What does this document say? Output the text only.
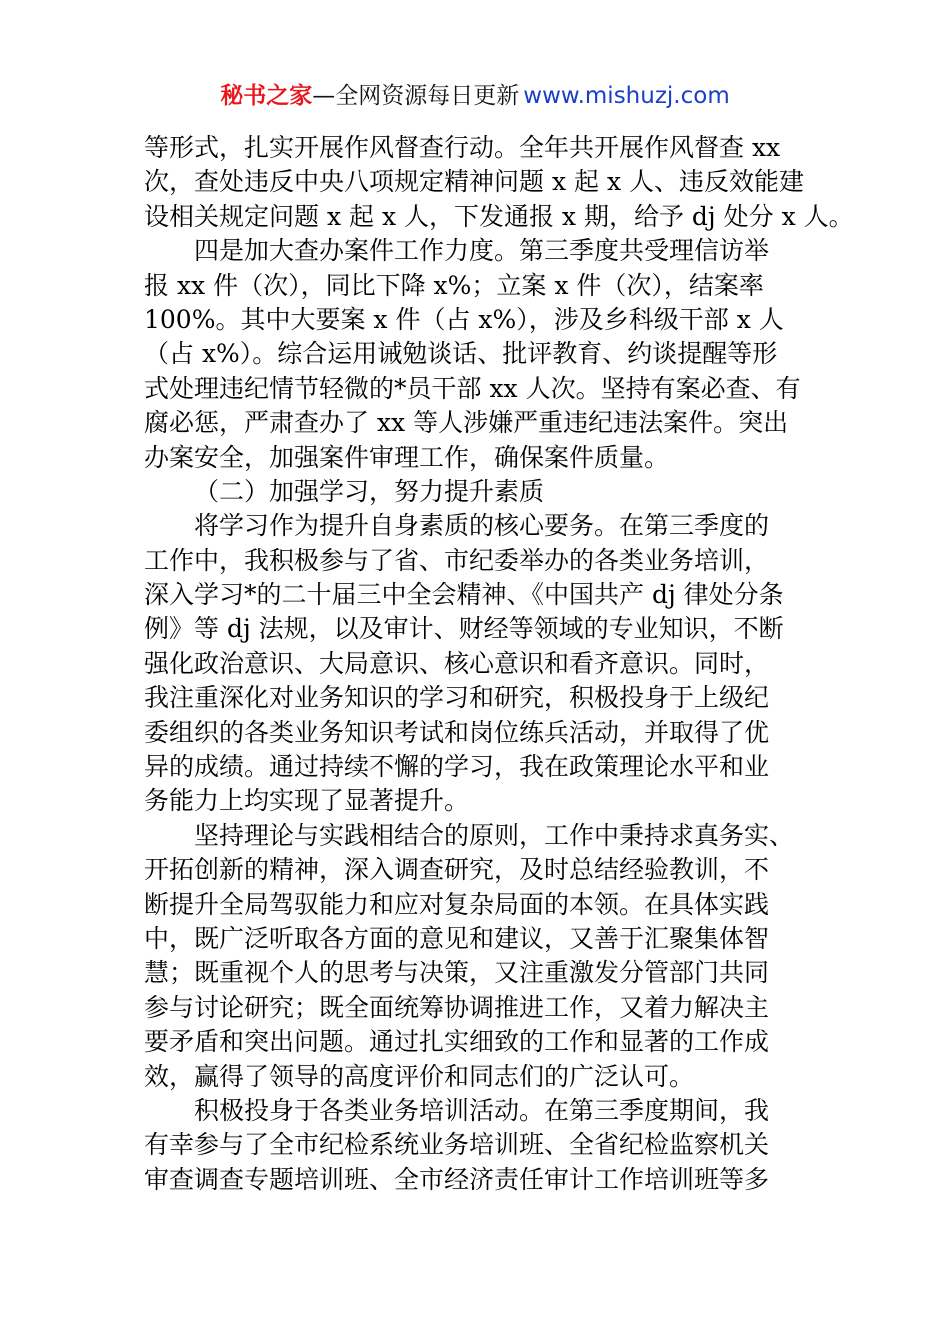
秘书之家—全网资源每日更新 www.mishuzj.com
等形式，扎实开展作风督查行动。全年共开展作风督查 xx
次，查处违反中央八项规定精神问题 x 起 x 人、违反效能建
设相关规定问题 x 起 x 人，下发通报 x 期，给予 dj 处分 x 人。
四是加大查办案件工作力度。第三季度共受理信访举
报 xx 件（次），同比下降 x%；立案 x 件（次），结案率
100%。其中大要案 x 件（占 x%），涉及乡科级干部 x 人
（占 x%）。综合运用诫勉谈话、批评教育、约谈提醒等形
式处理违纪情节轻微的*员干部 xx 人次。坚持有案必查、有
腐必惩，严肃查办了 xx 等人涉嫌严重违纪违法案件。突出
办案安全，加强案件审理工作，确保案件质量。
（二）加强学习，努力提升素质
将学习作为提升自身素质的核心要务。在第三季度的
工作中，我积极参与了省、市纪委举办的各类业务培训，
深入学习*的二十届三中全会精神、《中国共产 dj 律处分条
例》等 dj 法规，以及审计、财经等领域的专业知识，不断
强化政治意识、大局意识、核心意识和看齐意识。同时，
我注重深化对业务知识的学习和研究，积极投身于上级纪
委组织的各类业务知识考试和岗位练兵活动，并取得了优
异的成绩。通过持续不懈的学习，我在政策理论水平和业
务能力上均实现了显著提升。
坚持理论与实践相结合的原则，工作中秉持求真务实、
开拓创新的精神，深入调查研究，及时总结经验教训，不
断提升全局驾驭能力和应对复杂局面的本领。在具体实践
中，既广泛听取各方面的意见和建议，又善于汇聚集体智
慧；既重视个人的思考与决策，又注重激发分管部门共同
参与讨论研究；既全面统筹协调推进工作，又着力解决主
要矛盾和突出问题。通过扎实细致的工作和显著的工作成
效，赢得了领导的高度评价和同志们的广泛认可。
积极投身于各类业务培训活动。在第三季度期间，我
有幸参与了全市纪检系统业务培训班、全省纪检监察机关
审查调查专题培训班、全市经济责任审计工作培训班等多
